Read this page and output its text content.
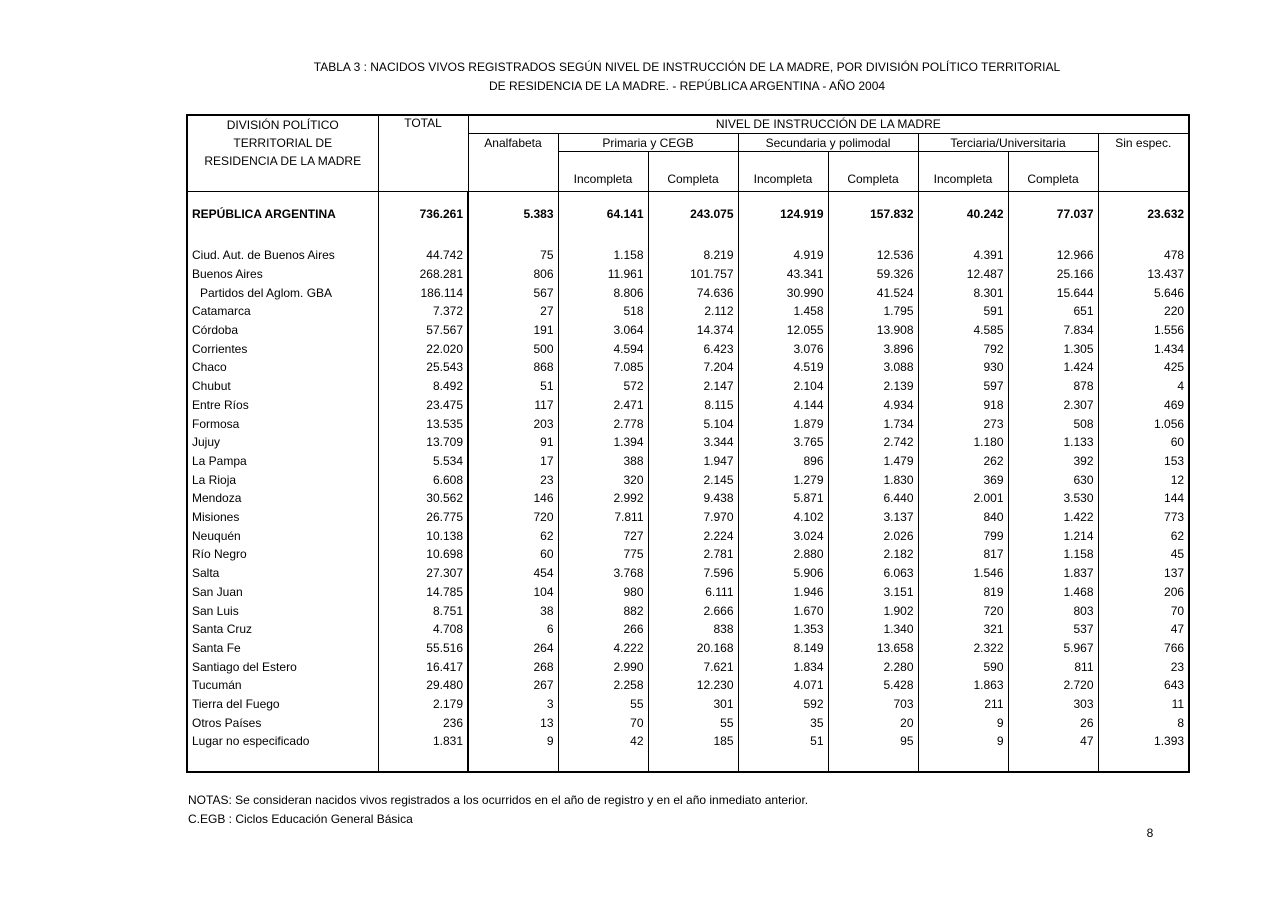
TABLA 3 : NACIDOS VIVOS REGISTRADOS SEGÚN NIVEL DE INSTRUCCIÓN DE LA MADRE, POR DIVISIÓN POLÍTICO TERRITORIAL
DE RESIDENCIA DE LA MADRE. - REPÚBLICA ARGENTINA - AÑO 2004
DIVISIÓN POLÍTICO
TERRITORIAL DE
RESIDENCIA DE LA MADRE	TOTAL	NIVEL DE INSTRUCCIÓN DE LA MADRE							
		Analfabeta	Primaria y CEGB		Secundaria y polimodal		Terciaria/Universitaria		Sin espec.
			Incompleta	Completa	Incompleta	Completa	Incompleta	Completa	
REPÚBLICA ARGENTINA	736.261	5.383	64.141	243.075	124.919	157.832	40.242	77.037	23.632
Ciud. Aut. de Buenos Aires	44.742	75	1.158	8.219	4.919	12.536	4.391	12.966	478
Buenos Aires	268.281	806	11.961	101.757	43.341	59.326	12.487	25.166	13.437
Partidos del Aglom. GBA	186.114	567	8.806	74.636	30.990	41.524	8.301	15.644	5.646
Catamarca	7.372	27	518	2.112	1.458	1.795	591	651	220
Córdoba	57.567	191	3.064	14.374	12.055	13.908	4.585	7.834	1.556
Corrientes	22.020	500	4.594	6.423	3.076	3.896	792	1.305	1.434
Chaco	25.543	868	7.085	7.204	4.519	3.088	930	1.424	425
Chubut	8.492	51	572	2.147	2.104	2.139	597	878	4
Entre Ríos	23.475	117	2.471	8.115	4.144	4.934	918	2.307	469
Formosa	13.535	203	2.778	5.104	1.879	1.734	273	508	1.056
Jujuy	13.709	91	1.394	3.344	3.765	2.742	1.180	1.133	60
La Pampa	5.534	17	388	1.947	896	1.479	262	392	153
La Rioja	6.608	23	320	2.145	1.279	1.830	369	630	12
Mendoza	30.562	146	2.992	9.438	5.871	6.440	2.001	3.530	144
Misiones	26.775	720	7.811	7.970	4.102	3.137	840	1.422	773
Neuquén	10.138	62	727	2.224	3.024	2.026	799	1.214	62
Río Negro	10.698	60	775	2.781	2.880	2.182	817	1.158	45
Salta	27.307	454	3.768	7.596	5.906	6.063	1.546	1.837	137
San Juan	14.785	104	980	6.111	1.946	3.151	819	1.468	206
San Luis	8.751	38	882	2.666	1.670	1.902	720	803	70
Santa Cruz	4.708	6	266	838	1.353	1.340	321	537	47
Santa Fe	55.516	264	4.222	20.168	8.149	13.658	2.322	5.967	766
Santiago del Estero	16.417	268	2.990	7.621	1.834	2.280	590	811	23
Tucumán	29.480	267	2.258	12.230	4.071	5.428	1.863	2.720	643
Tierra del Fuego	2.179	3	55	301	592	703	211	303	11
Otros Países	236	13	70	55	35	20	9	26	8
Lugar no especificado	1.831	9	42	185	51	95	9	47	1.393
NOTAS: Se consideran nacidos vivos registrados a los ocurridos en el año de registro y en el año inmediato anterior.
C.EGB : Ciclos Educación General Básica
8
